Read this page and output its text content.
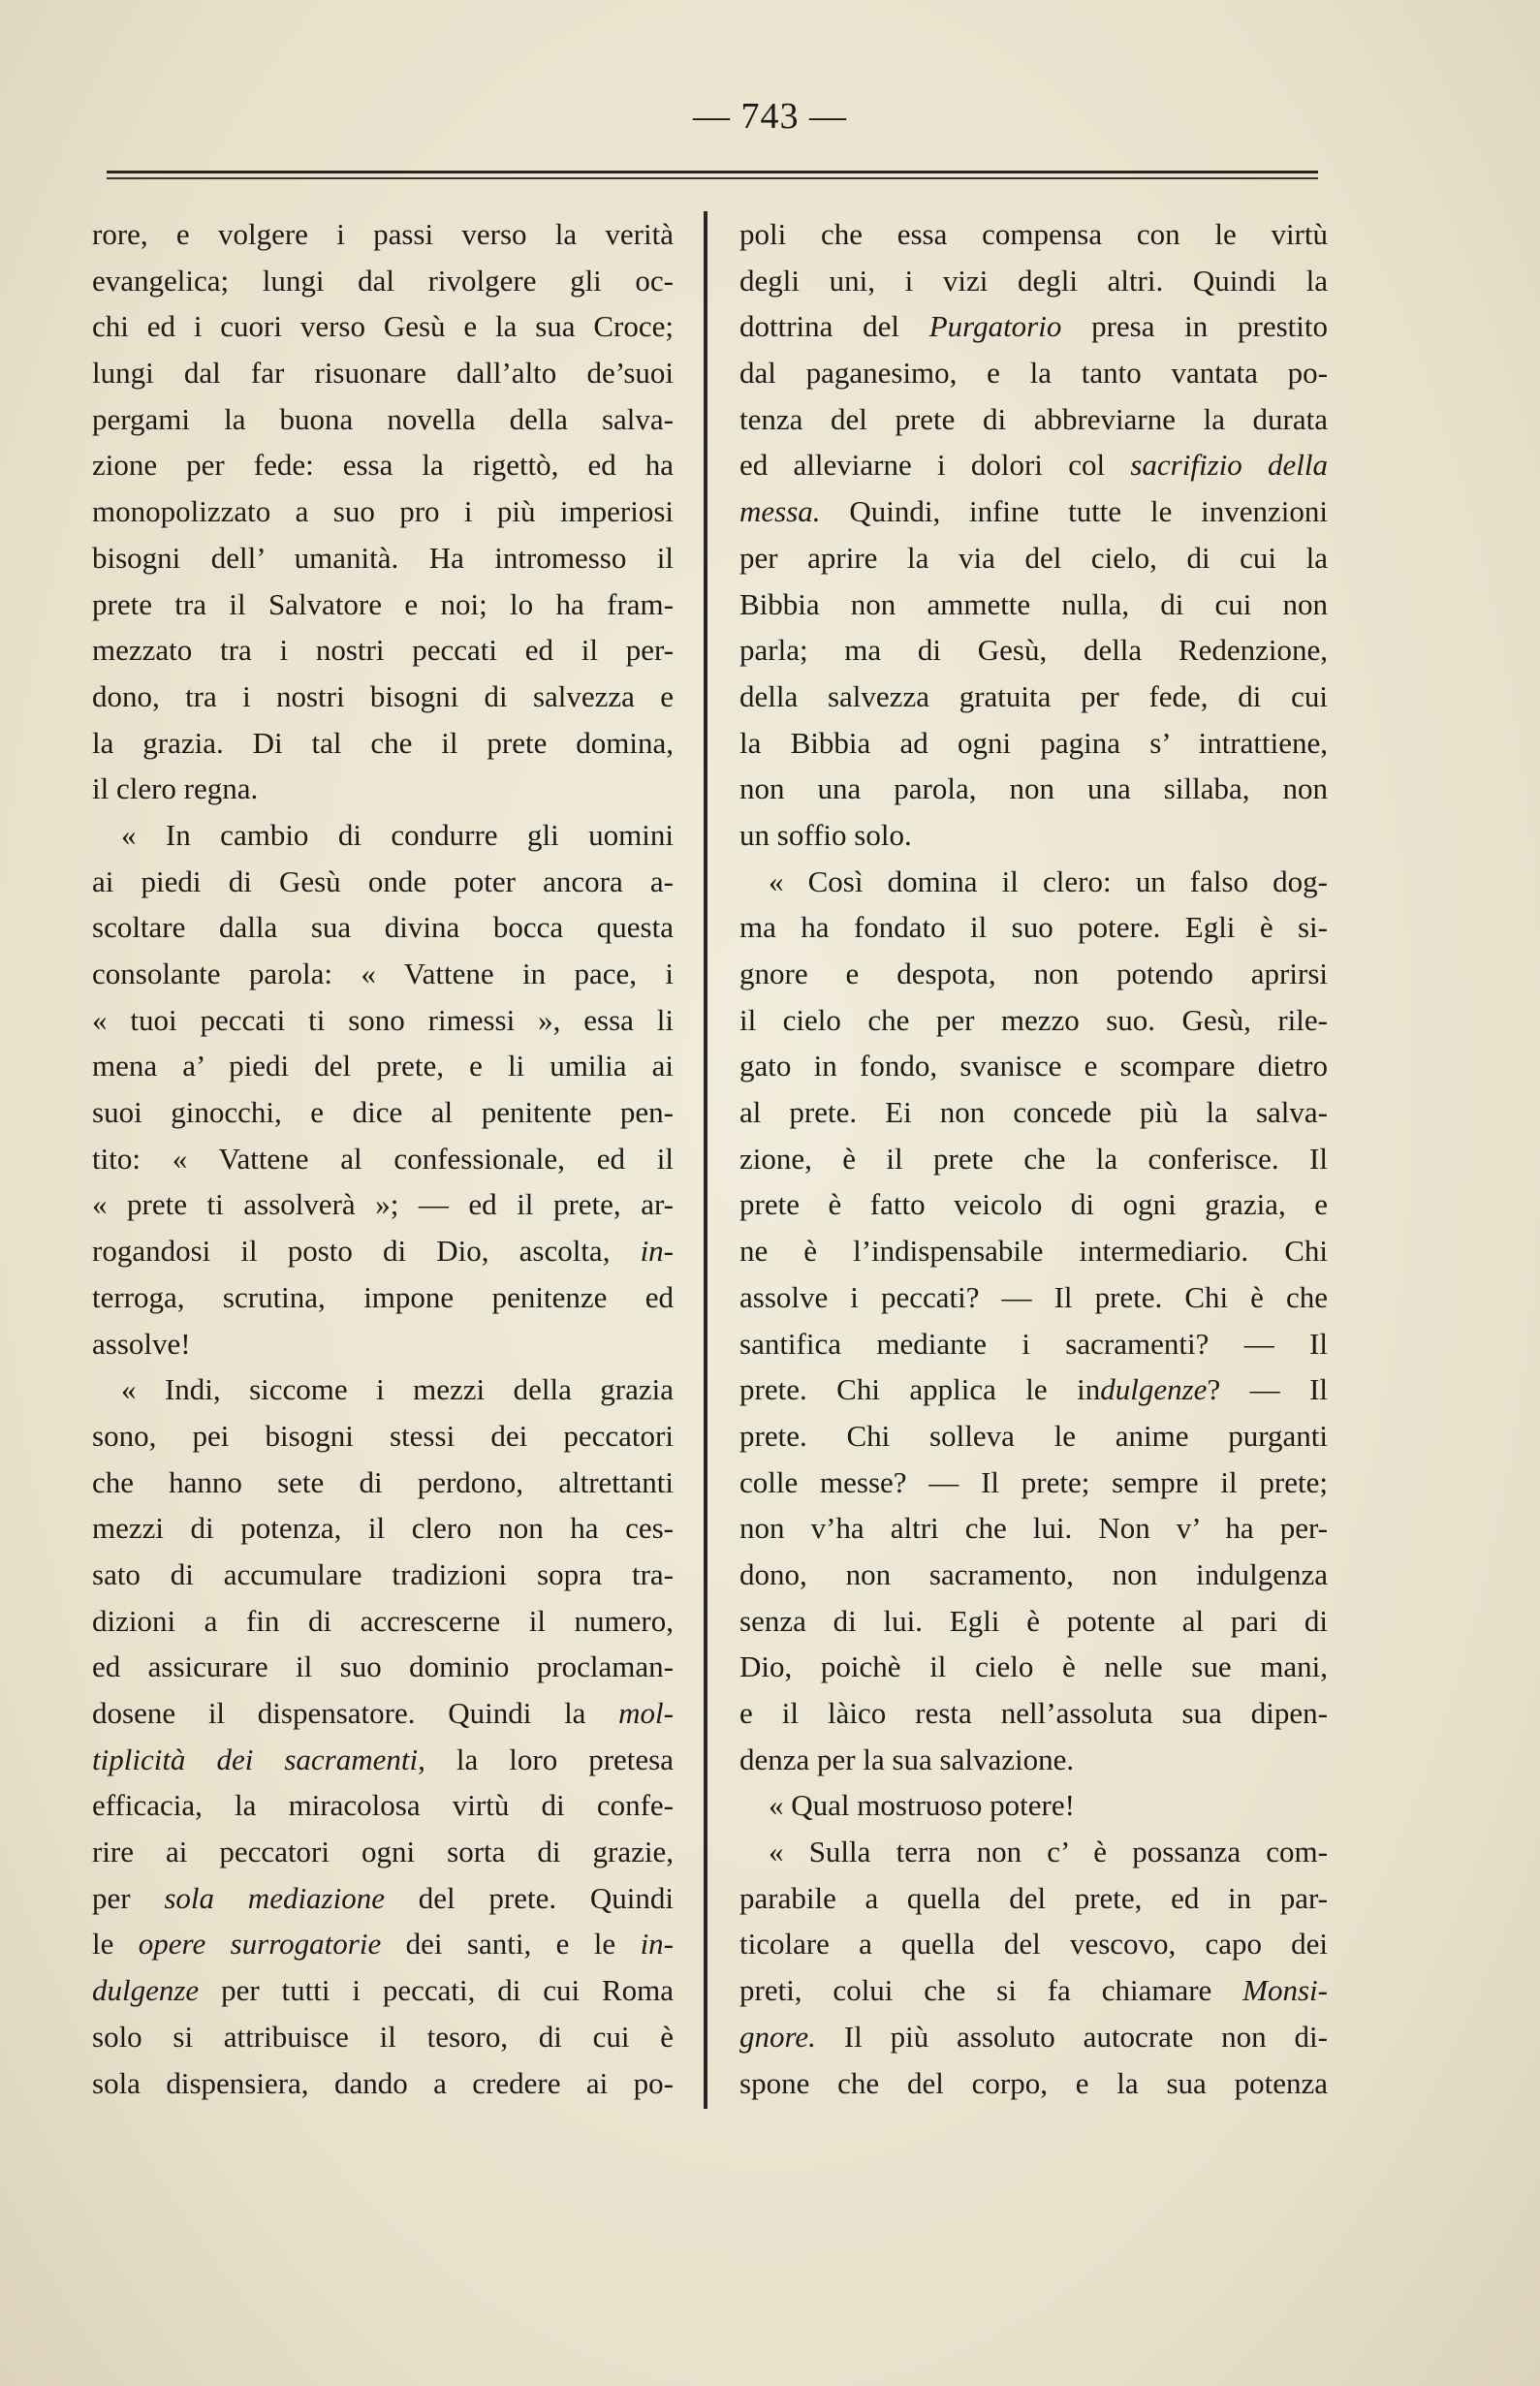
— 743 —
rore, e volgere i passi verso la verità
evangelica; lungi dal rivolgere gli oc-
chi ed i cuori verso Gesù e la sua Croce;
lungi dal far risuonare dall’alto de’suoi
pergami la buona novella della salva-
zione per fede: essa la rigettò, ed ha
monopolizzato a suo pro i più imperiosi
bisogni dell’ umanità. Ha intromesso il
prete tra il Salvatore e noi; lo ha fram-
mezzato tra i nostri peccati ed il per-
dono, tra i nostri bisogni di salvezza e
la grazia. Di tal che il prete domina,
il clero regna.
« In cambio di condurre gli uomini
ai piedi di Gesù onde poter ancora a-
scoltare dalla sua divina bocca questa
consolante parola: « Vattene in pace, i
« tuoi peccati ti sono rimessi », essa li
mena a’ piedi del prete, e li umilia ai
suoi ginocchi, e dice al penitente pen-
tito: « Vattene al confessionale, ed il
« prete ti assolverà »; — ed il prete, ar-
rogandosi il posto di Dio, ascolta, in-
terroga, scrutina, impone penitenze ed
assolve!
« Indi, siccome i mezzi della grazia
sono, pei bisogni stessi dei peccatori
che hanno sete di perdono, altrettanti
mezzi di potenza, il clero non ha ces-
sato di accumulare tradizioni sopra tra-
dizioni a fin di accrescerne il numero,
ed assicurare il suo dominio proclaman-
dosene il dispensatore. Quindi la mol-
tiplicità dei sacramenti, la loro pretesa
efficacia, la miracolosa virtù di confe-
rire ai peccatori ogni sorta di grazie,
per sola mediazione del prete. Quindi
le opere surrogatorie dei santi, e le in-
dulgenze per tutti i peccati, di cui Roma
solo si attribuisce il tesoro, di cui è
sola dispensiera, dando a credere ai po-
poli che essa compensa con le virtù
degli uni, i vizi degli altri. Quindi la
dottrina del Purgatorio presa in prestito
dal paganesimo, e la tanto vantata po-
tenza del prete di abbreviarne la durata
ed alleviarne i dolori col sacrifizio della
messa. Quindi, infine tutte le invenzioni
per aprire la via del cielo, di cui la
Bibbia non ammette nulla, di cui non
parla; ma di Gesù, della Redenzione,
della salvezza gratuita per fede, di cui
la Bibbia ad ogni pagina s’ intrattiene,
non una parola, non una sillaba, non
un soffio solo.
« Così domina il clero: un falso dog-
ma ha fondato il suo potere. Egli è si-
gnore e despota, non potendo aprirsi
il cielo che per mezzo suo. Gesù, rile-
gato in fondo, svanisce e scompare dietro
al prete. Ei non concede più la salva-
zione, è il prete che la conferisce. Il
prete è fatto veicolo di ogni grazia, e
ne è l’indispensabile intermediario. Chi
assolve i peccati? — Il prete. Chi è che
santifica mediante i sacramenti? — Il
prete. Chi applica le indulgenze? — Il
prete. Chi solleva le anime purganti
colle messe? — Il prete; sempre il prete;
non v’ha altri che lui. Non v’ ha per-
dono, non sacramento, non indulgenza
senza di lui. Egli è potente al pari di
Dio, poichè il cielo è nelle sue mani,
e il làico resta nell’assoluta sua dipen-
denza per la sua salvazione.
« Qual mostruoso potere!
« Sulla terra non c’ è possanza com-
parabile a quella del prete, ed in par-
ticolare a quella del vescovo, capo dei
preti, colui che si fa chiamare Monsi-
gnore. Il più assoluto autocrate non di-
spone che del corpo, e la sua potenza
